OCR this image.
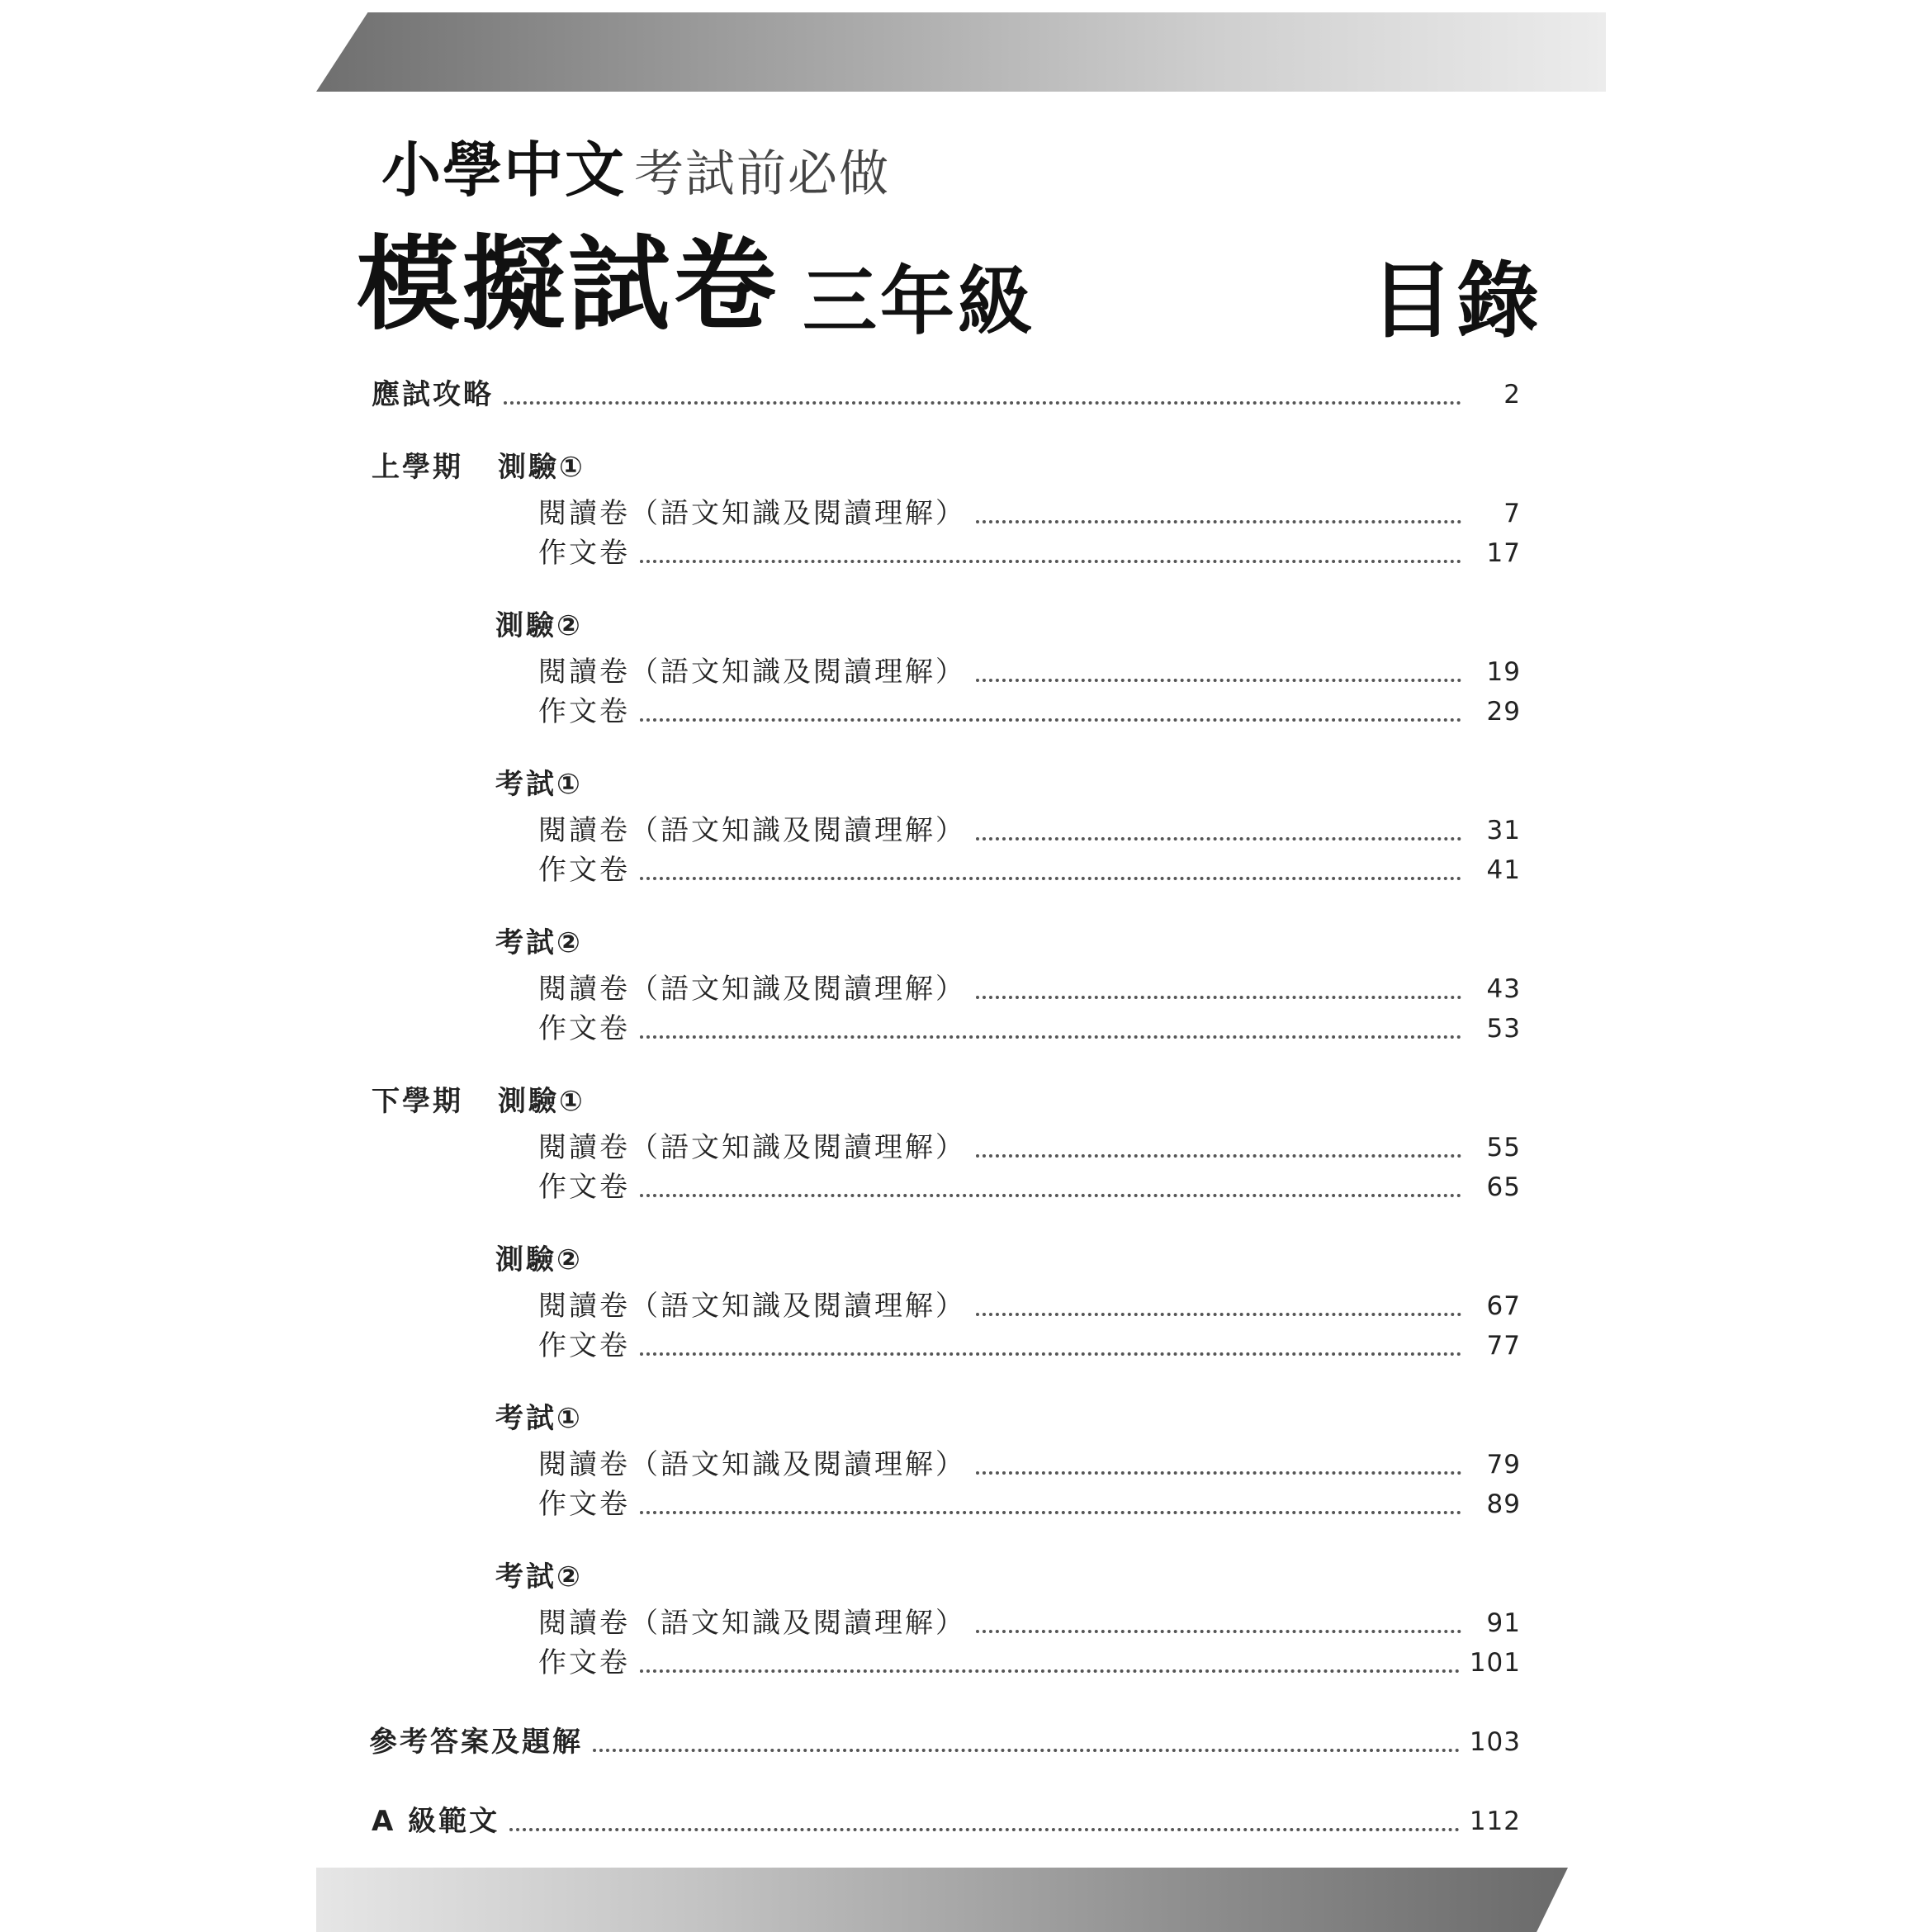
小學中文 考試前必做
模擬試卷 三年級	目錄
應試攻略	2
上學期 測驗①
閱讀卷（語文知識及閱讀理解）	7
作文卷	17
測驗②
閱讀卷（語文知識及閱讀理解）	19
作文卷	29
考試①
閱讀卷（語文知識及閱讀理解）	31
作文卷	41
考試②
閱讀卷（語文知識及閱讀理解）	43
作文卷	53
下學期 測驗①
閱讀卷（語文知識及閱讀理解）	55
作文卷	65
測驗②
閱讀卷（語文知識及閱讀理解）	67
作文卷	77
考試①
閱讀卷（語文知識及閱讀理解）	79
作文卷	89
考試②
閱讀卷（語文知識及閱讀理解）	91
作文卷	101
參考答案及題解	103
A 級範文	112
